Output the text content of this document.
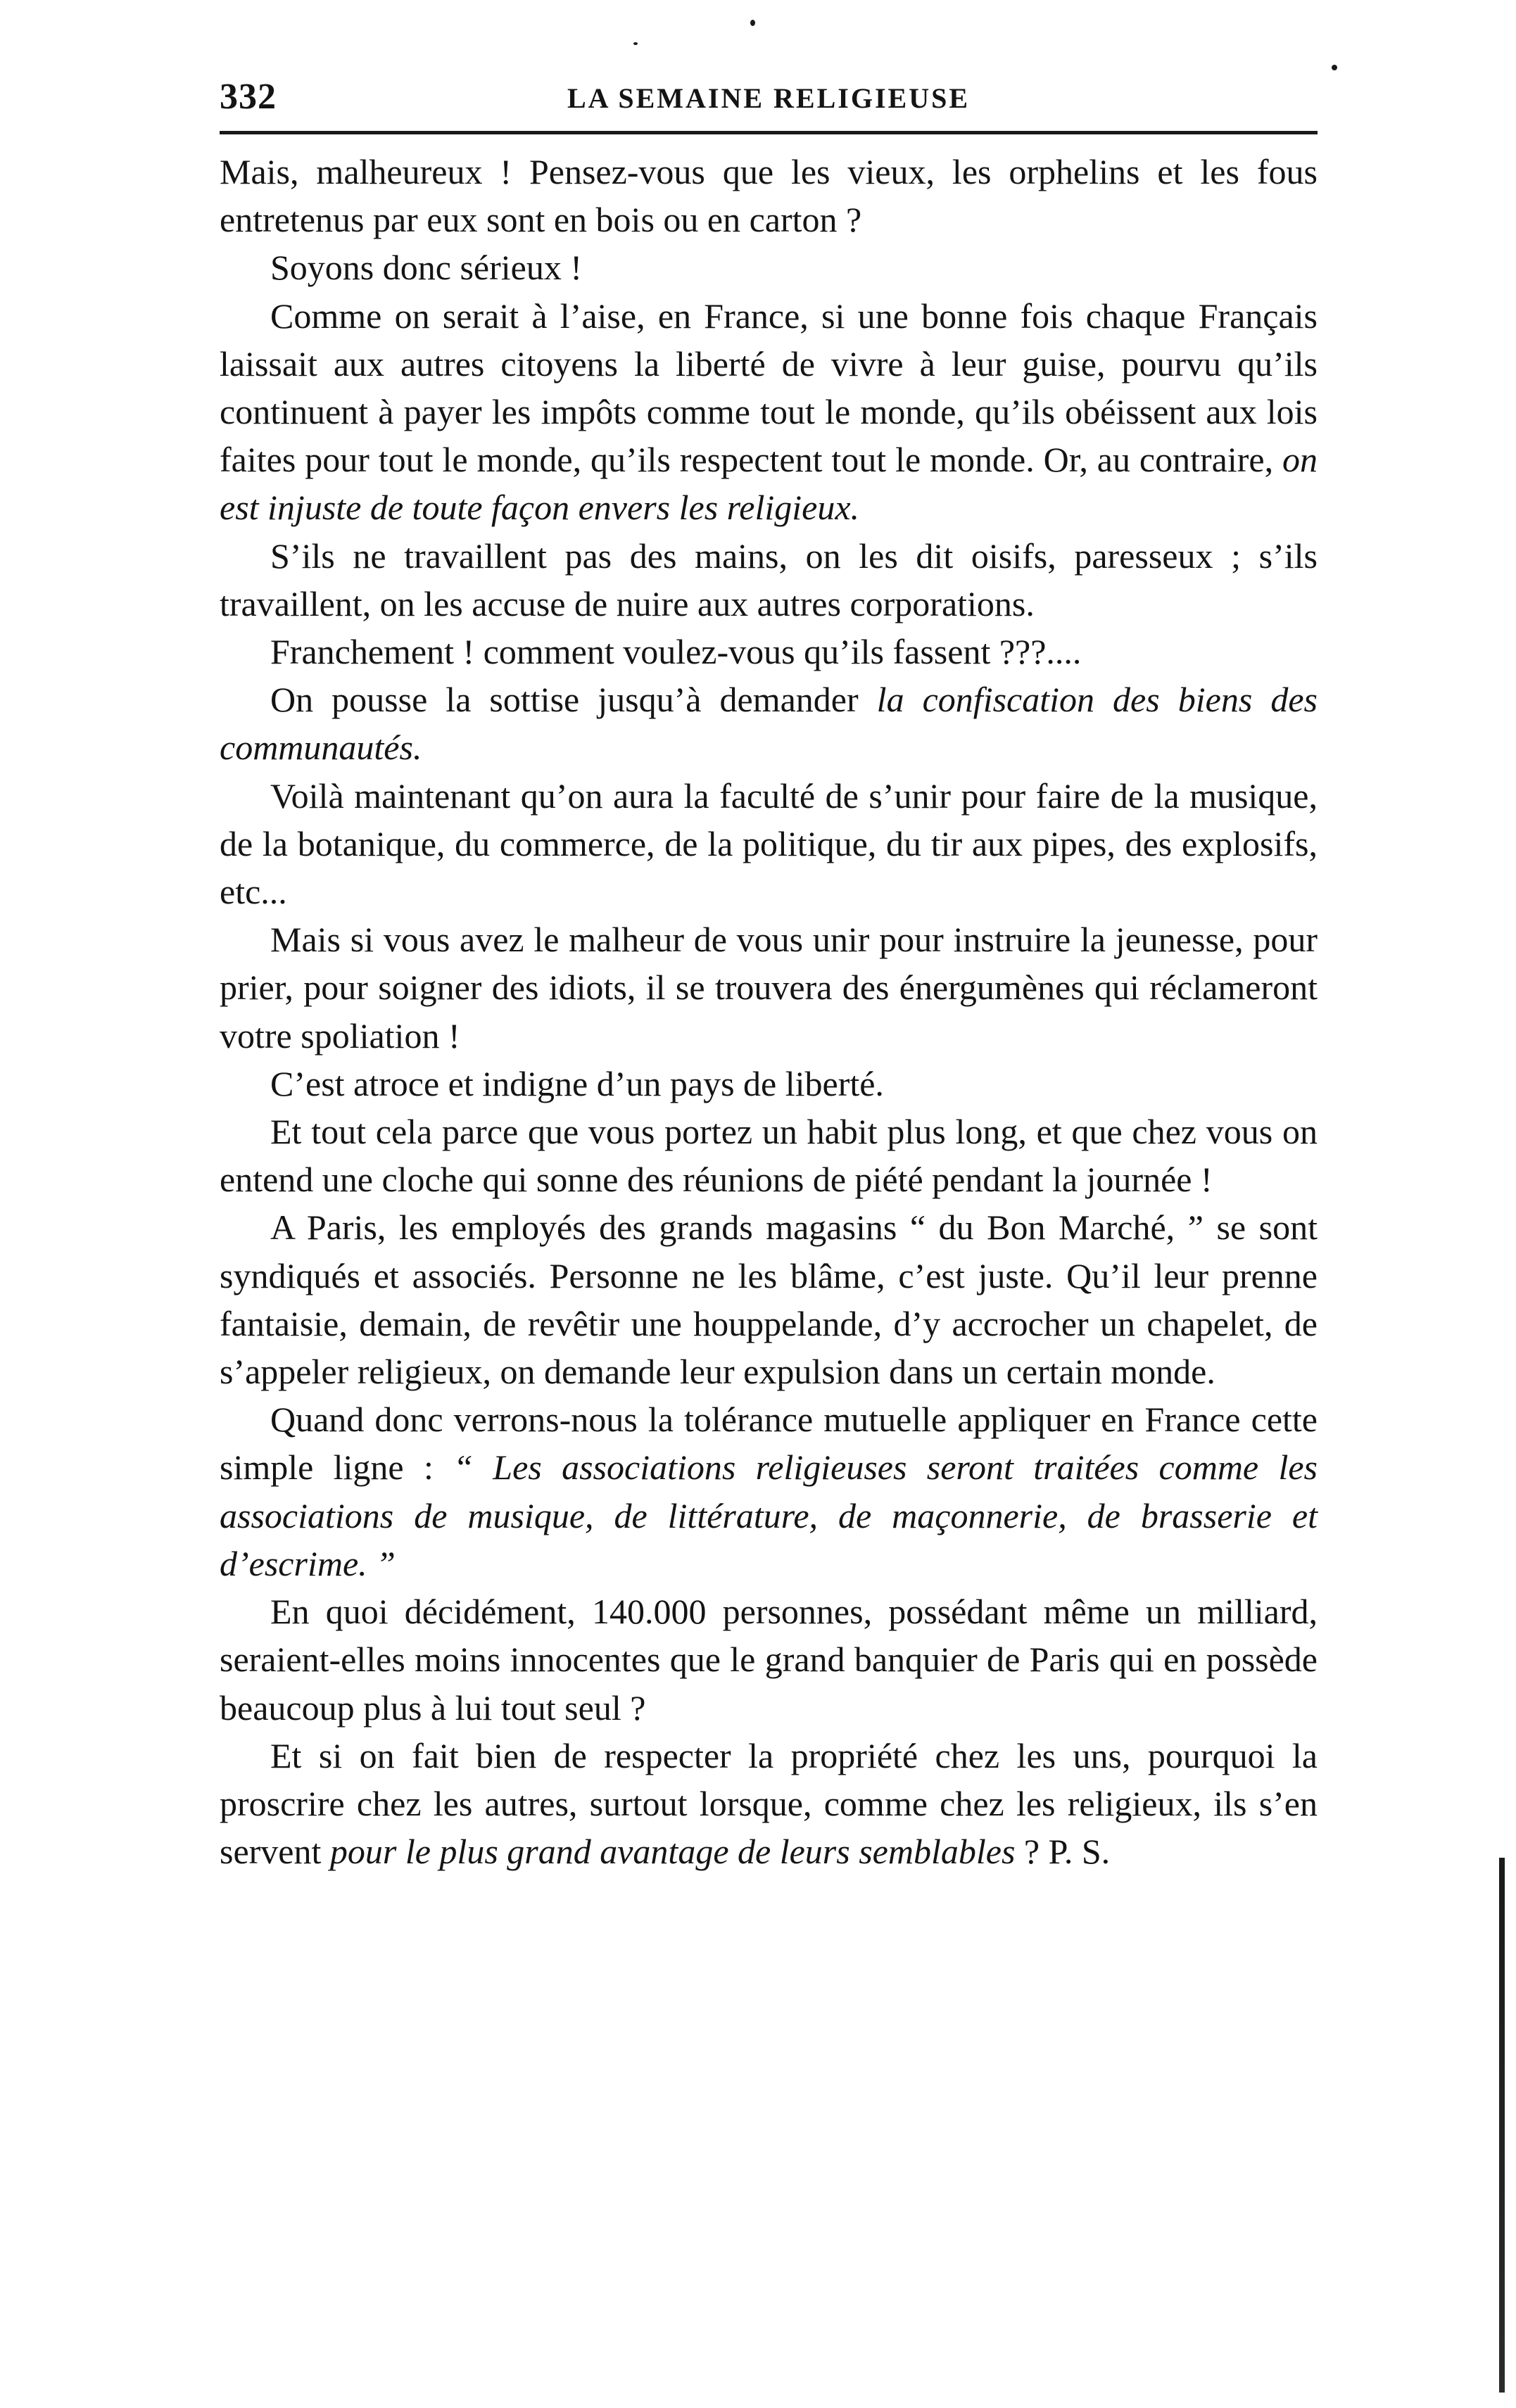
332	LA SEMAINE RELIGIEUSE

Mais, malheureux ! Pensez-vous que les vieux, les orphelins et les fous entretenus par eux sont en bois ou en carton ?

Soyons donc sérieux !

Comme on serait à l’aise, en France, si une bonne fois chaque Français laissait aux autres citoyens la liberté de vivre à leur guise, pourvu qu’ils continuent à payer les impôts comme tout le monde, qu’ils obéissent aux lois faites pour tout le monde, qu’ils respectent tout le monde. Or, au contraire, on est injuste de toute façon envers les religieux.

S’ils ne travaillent pas des mains, on les dit oisifs, paresseux ; s’ils travaillent, on les accuse de nuire aux autres corporations.

Franchement ! comment voulez-vous qu’ils fassent ???....

On pousse la sottise jusqu’à demander la confiscation des biens des communautés.

Voilà maintenant qu’on aura la faculté de s’unir pour faire de la musique, de la botanique, du commerce, de la politique, du tir aux pipes, des explosifs, etc...

Mais si vous avez le malheur de vous unir pour instruire la jeunesse, pour prier, pour soigner des idiots, il se trouvera des énergumènes qui réclameront votre spoliation !

C’est atroce et indigne d’un pays de liberté.

Et tout cela parce que vous portez un habit plus long, et que chez vous on entend une cloche qui sonne des réunions de piété pendant la journée !

A Paris, les employés des grands magasins “ du Bon Marché, ” se sont syndiqués et associés. Personne ne les blâme, c’est juste. Qu’il leur prenne fantaisie, demain, de revêtir une houppelande, d’y accrocher un chapelet, de s’appeler religieux, on demande leur expulsion dans un certain monde.

Quand donc verrons-nous la tolérance mutuelle appliquer en France cette simple ligne : “ Les associations religieuses seront traitées comme les associations de musique, de littérature, de maçonnerie, de brasserie et d’escrime. ”

En quoi décidément, 140.000 personnes, possédant même un milliard, seraient-elles moins innocentes que le grand banquier de Paris qui en possède beaucoup plus à lui tout seul ?

Et si on fait bien de respecter la propriété chez les uns, pourquoi la proscrire chez les autres, surtout lorsque, comme chez les religieux, ils s’en servent pour le plus grand avantage de leurs semblables ? P. S.
